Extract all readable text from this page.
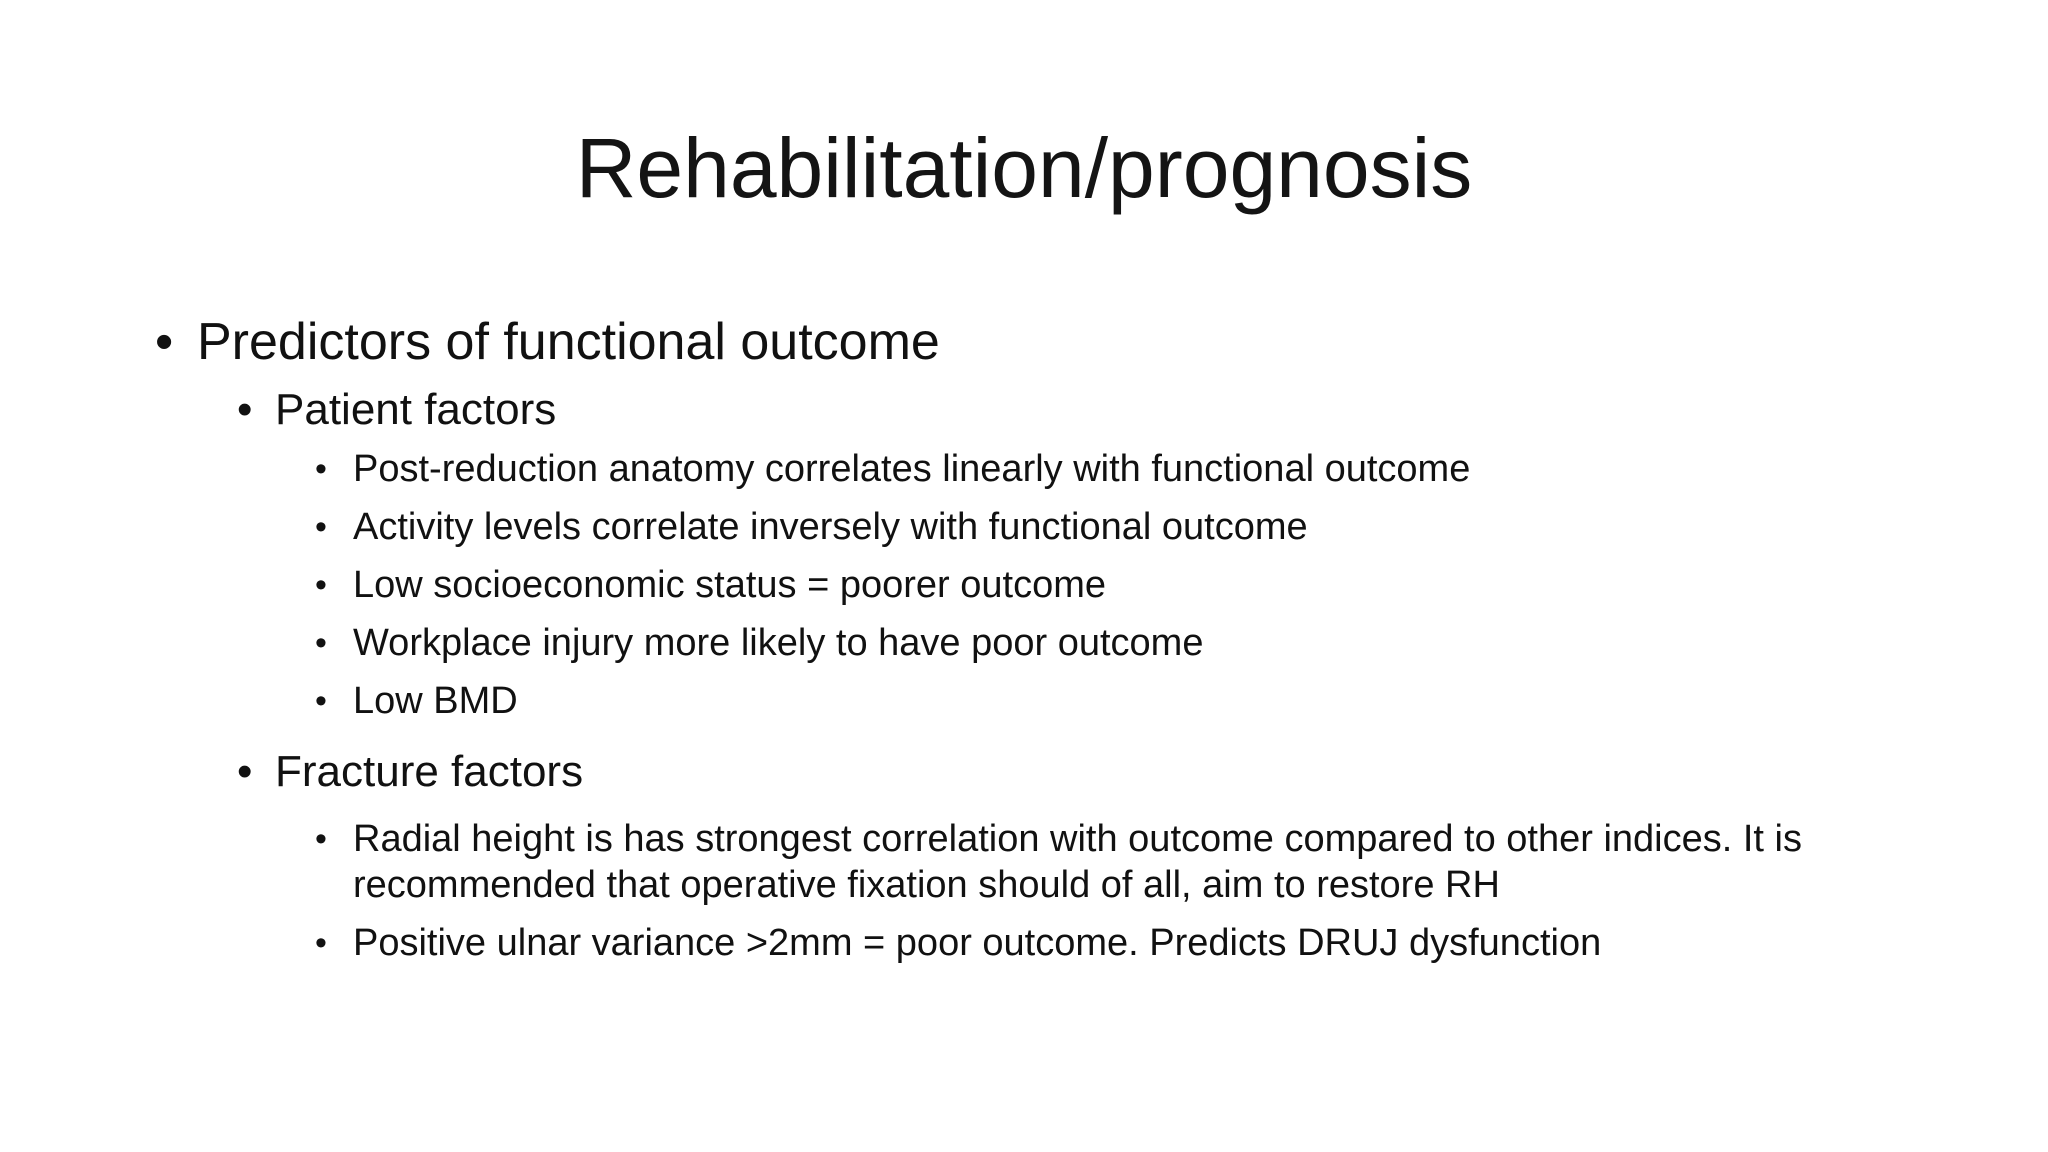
Rehabilitation/prognosis
• Predictors of functional outcome
• Patient factors
• Post-reduction anatomy correlates linearly with functional outcome
• Activity levels correlate inversely with functional outcome
• Low socioeconomic status = poorer outcome
• Workplace injury more likely to have poor outcome
• Low BMD
• Fracture factors
• Radial height is has strongest correlation with outcome compared to other indices. It is recommended that operative fixation should of all, aim to restore RH
• Positive ulnar variance >2mm = poor outcome. Predicts DRUJ dysfunction
